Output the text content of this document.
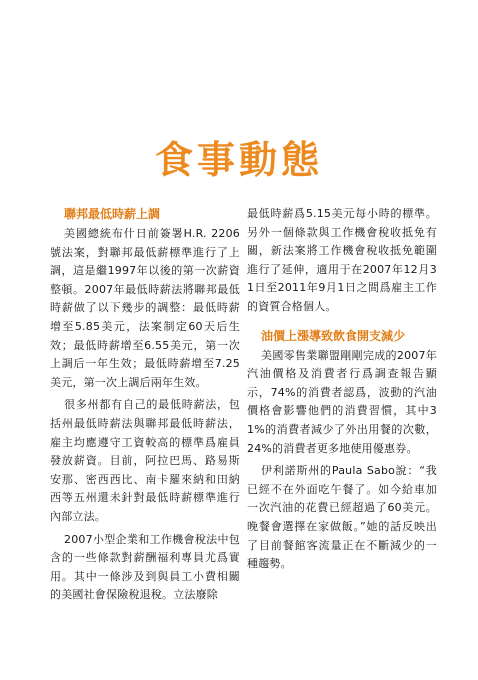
食事動態
聯邦最低時薪上調

美國總統布什日前簽署H.R. 2206號法案，對聯邦最低薪標準進行了上調，這是繼1997年以後的第一次薪資整頓。2007年最低時薪法將聯邦最低時薪做了以下幾步的調整：最低時薪增至5.85美元，法案制定60天后生效；最低時薪增至6.55美元，第一次上調后一年生效；最低時薪增至7.25美元，第一次上調后兩年生效。

很多州都有自己的最低時薪法，包括州最低時薪法與聯邦最低時薪法，雇主均應遵守工資較高的標準爲雇員發放薪資。目前，阿拉巴馬、路易斯安那、密西西比、南卡羅來納和田納西等五州還未針對最低時薪標準進行內部立法。

2007小型企業和工作機會稅法中包含的一些條款對薪酬福利專員尤爲實用。其中一條涉及到與員工小費相關的美國社會保險稅退稅。立法廢除

最低時薪爲5.15美元每小時的標準。另外一個條款與工作機會稅收抵免有關，新法案將工作機會稅收抵免範圍進行了延伸，適用于在2007年12月31日至2011年9月1日之間爲雇主工作的資質合格個人。

油價上漲導致飲食開支減少

美國零售業聯盟剛剛完成的2007年汽油價格及消費者行爲調查報告顯示，74%的消費者認爲，波動的汽油價格會影響他們的消費習慣，其中31%的消費者減少了外出用餐的次數，24%的消費者更多地使用優惠券。

伊利諾斯州的Paula Sabo說：“我已經不在外面吃午餐了。如今給車加一次汽油的花費已經超過了60美元。晚餐會選擇在家做飯。”她的話反映出了目前餐館客流量正在不斷減少的一種趨勢。
